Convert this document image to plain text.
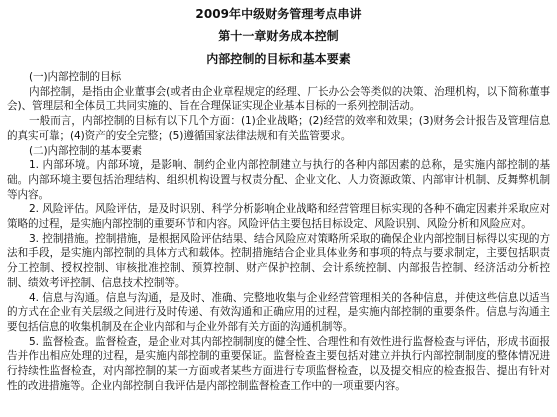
2009年中级财务管理考点串讲
第十一章财务成本控制
内部控制的目标和基本要素

(一)内部控制的目标

内部控制，是指由企业董事会(或者由企业章程规定的经理、厂长办公会等类似的决策、治理机构，以下简称董事会)、管理层和全体员工共同实施的、旨在合理保证实现企业基本目标的一系列控制活动。

一般而言，内部控制的目标有以下几个方面：(1)企业战略；(2)经营的效率和效果；(3)财务会计报告及管理信息的真实可靠；(4)资产的安全完整；(5)遵循国家法律法规和有关监管要求。

(二)内部控制的基本要素

1. 内部环境。内部环境，是影响、制约企业内部控制建立与执行的各种内部因素的总称，是实施内部控制的基础。内部环境主要包括治理结构、组织机构设置与权责分配、企业文化、人力资源政策、内部审计机制、反舞弊机制等内容。

2. 风险评估。风险评估，是及时识别、科学分析影响企业战略和经营管理目标实现的各种不确定因素并采取应对策略的过程，是实施内部控制的重要环节和内容。风险评估主要包括目标设定、风险识别、风险分析和风险应对。

3. 控制措施。控制措施，是根据风险评估结果、结合风险应对策略所采取的确保企业内部控制目标得以实现的方法和手段，是实施内部控制的具体方式和载体。控制措施结合企业具体业务和事项的特点与要求制定，主要包括职责分工控制、授权控制、审核批准控制、预算控制、财产保护控制、会计系统控制、内部报告控制、经济活动分析控制、绩效考评控制、信息技术控制等。

4. 信息与沟通。信息与沟通，是及时、准确、完整地收集与企业经营管理相关的各种信息，并使这些信息以适当的方式在企业有关层级之间进行及时传递、有效沟通和正确应用的过程，是实施内部控制的重要条件。信息与沟通主要包括信息的收集机制及在企业内部和与企业外部有关方面的沟通机制等。

5. 监督检查。监督检查，是企业对其内部控制制度的健全性、合理性和有效性进行监督检查与评估，形成书面报告并作出相应处理的过程，是实施内部控制的重要保证。监督检查主要包括对建立并执行内部控制制度的整体情况进行持续性监督检查，对内部控制的某一方面或者某些方面进行专项监督检查，以及提交相应的检查报告、提出有针对性的改进措施等。企业内部控制自我评估是内部控制监督检查工作中的一项重要内容。
